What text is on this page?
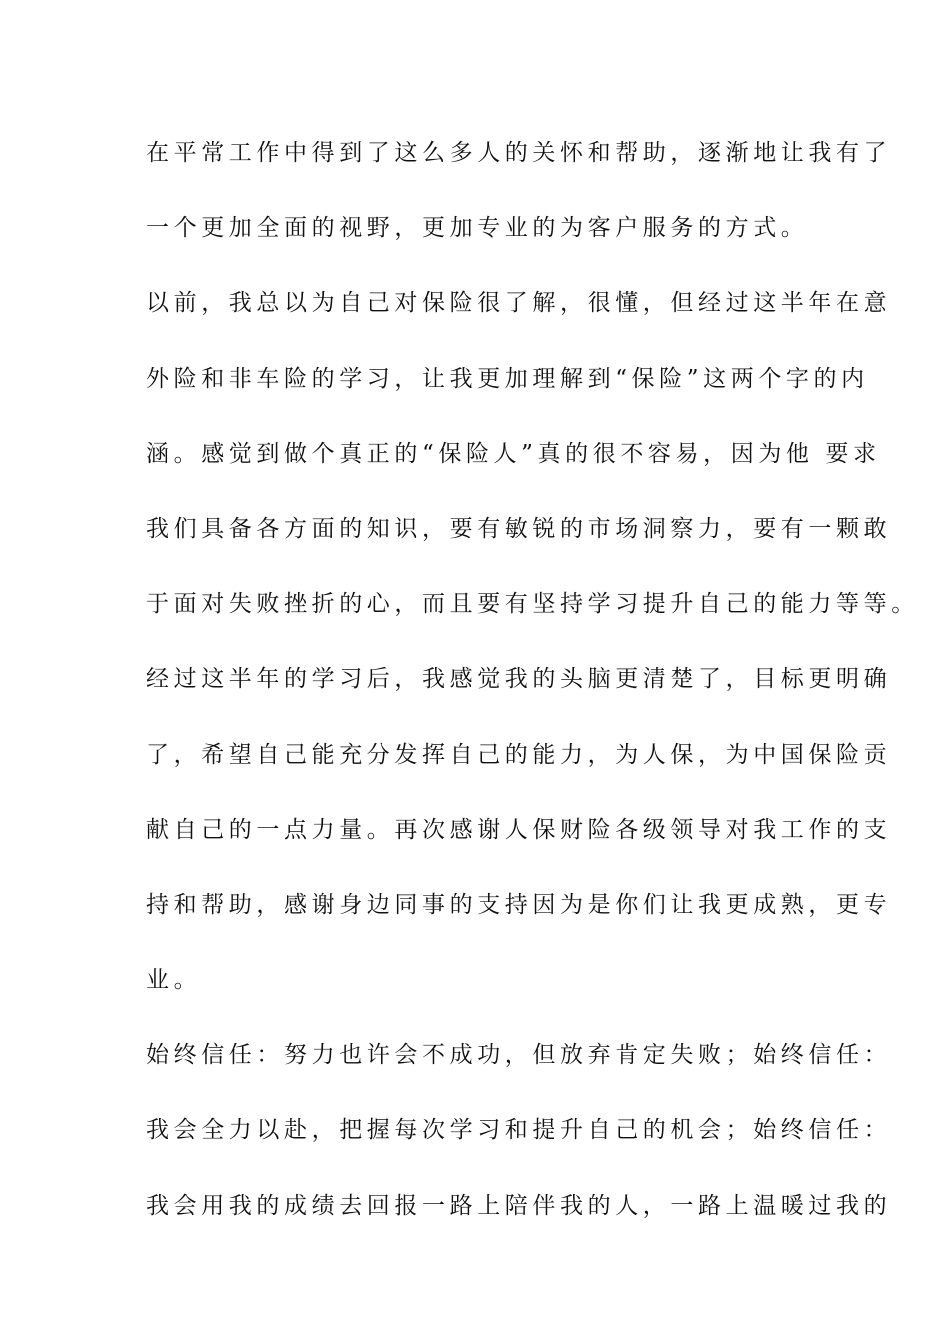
在平常工作中得到了这么多人的关怀和帮助，逐渐地让我有了
一个更加全面的视野，更加专业的为客户服务的方式。
以前，我总以为自己对保险很了解，很懂，但经过这半年在意
外险和非车险的学习，让我更加理解到“保险”这两个字的内
涵。感觉到做个真正的“保险人”真的很不容易，因为他 要求
我们具备各方面的知识，要有敏锐的市场洞察力，要有一颗敢
于面对失败挫折的心，而且要有坚持学习提升自己的能力等等。
经过这半年的学习后，我感觉我的头脑更清楚了，目标更明确
了，希望自己能充分发挥自己的能力，为人保，为中国保险贡
献自己的一点力量。再次感谢人保财险各级领导对我工作的支
持和帮助，感谢身边同事的支持因为是你们让我更成熟，更专
业。
始终信任：努力也许会不成功，但放弃肯定失败；始终信任：
我会全力以赴，把握每次学习和提升自己的机会；始终信任：
我会用我的成绩去回报一路上陪伴我的人，一路上温暖过我的
